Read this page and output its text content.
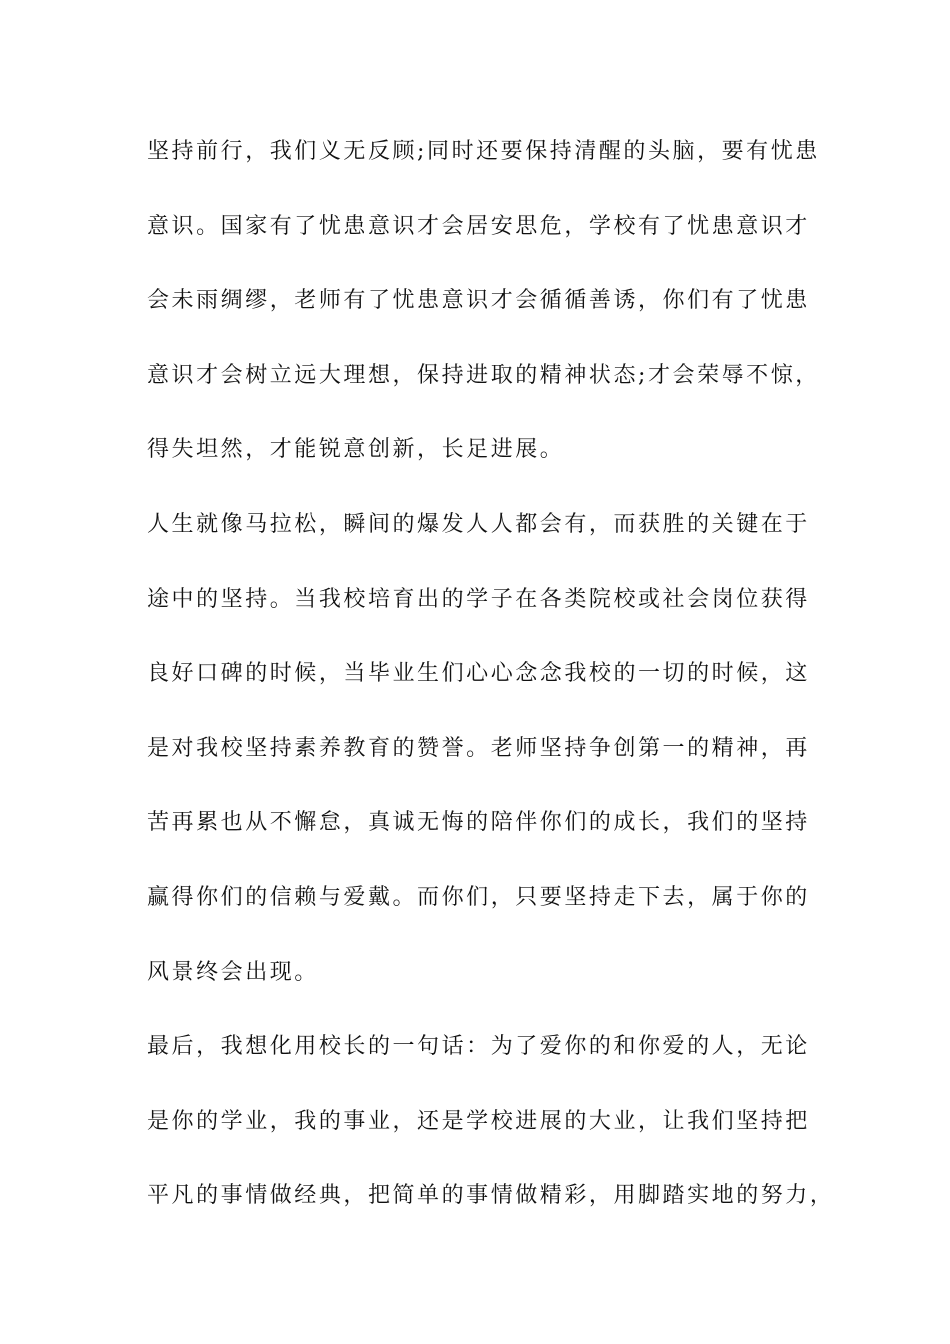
坚持前行，我们义无反顾;同时还要保持清醒的头脑，要有忧患
意识。国家有了忧患意识才会居安思危，学校有了忧患意识才
会未雨绸缪，老师有了忧患意识才会循循善诱，你们有了忧患
意识才会树立远大理想，保持进取的精神状态;才会荣辱不惊，
得失坦然，才能锐意创新，长足进展。
人生就像马拉松，瞬间的爆发人人都会有，而获胜的关键在于
途中的坚持。当我校培育出的学子在各类院校或社会岗位获得
良好口碑的时候，当毕业生们心心念念我校的一切的时候，这
是对我校坚持素养教育的赞誉。老师坚持争创第一的精神，再
苦再累也从不懈怠，真诚无悔的陪伴你们的成长，我们的坚持
赢得你们的信赖与爱戴。而你们，只要坚持走下去，属于你的
风景终会出现。
最后，我想化用校长的一句话：为了爱你的和你爱的人，无论
是你的学业，我的事业，还是学校进展的大业，让我们坚持把
平凡的事情做经典，把简单的事情做精彩，用脚踏实地的努力，
